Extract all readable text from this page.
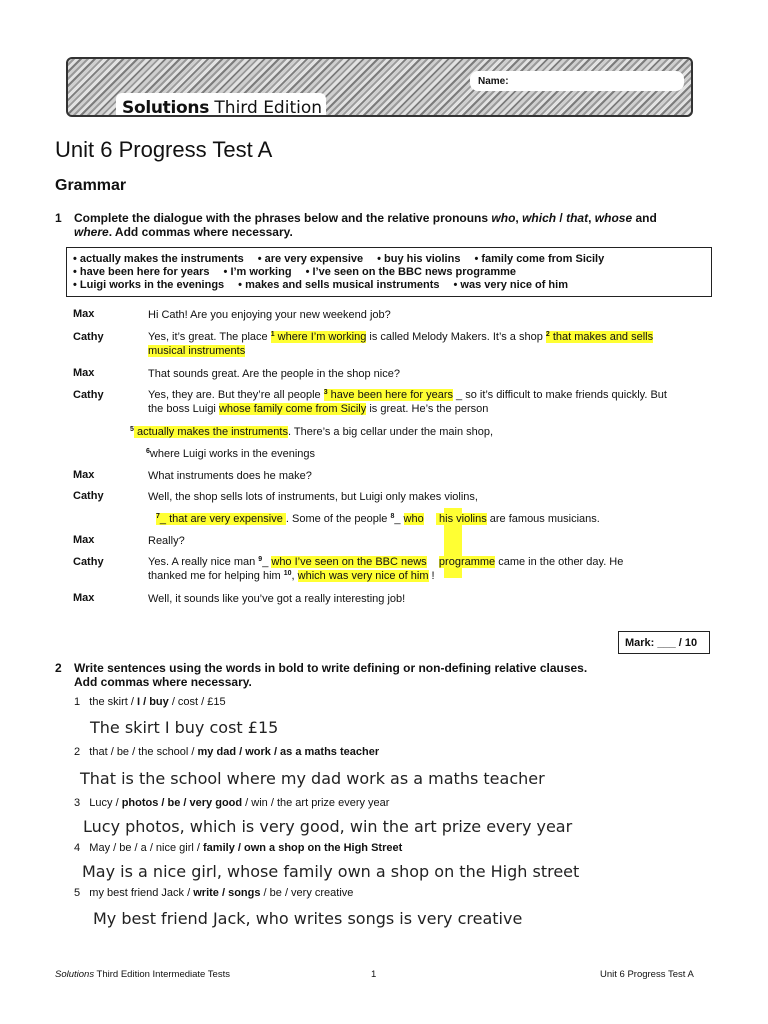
Name:
Solutions Third Edition
Unit 6 Progress Test A
Grammar
1 Complete the dialogue with the phrases below and the relative pronouns who, which / that, whose and
where. Add commas where necessary.
• actually makes the instruments • are very expensive • buy his violins • family come from Sicily
• have been here for years • I’m working • I’ve seen on the BBC news programme
• Luigi works in the evenings • makes and sells musical instruments • was very nice of him
Max	Hi Cath! Are you enjoying your new weekend job?
Cathy	Yes, it’s great. The place $^1$ where I’m working is called Melody Makers. It’s a shop $^2$ that makes and sells
musical instruments
Max	That sounds great. Are the people in the shop nice?
Cathy	Yes, they are. But they’re all people $^3$ have been here for years _ so it’s difficult to make friends quickly. But
the boss Luigi whose family come from Sicily is great. He’s the person
$^5$ actually makes the instruments. There’s a big cellar under the main shop,
$^6$where Luigi works in the evenings
Max	What instruments does he make?
Cathy	Well, the shop sells lots of instruments, but Luigi only makes violins,
$^7$_ that are very expensive . Some of the people $^8$_ who     his violins are famous musicians.
Max	Really?
Cathy	Yes. A really nice man $^9$_ who I’ve seen on the BBC news programme came in the other day. He
thanked me for helping him $^{10}$, which was very nice of him !
Max	Well, it sounds like you’ve got a really interesting job!
Mark: ___ / 10
2 Write sentences using the words in bold to write defining or non-defining relative clauses.
Add commas where necessary.
1 the skirt / I / buy / cost / £15
The skirt I buy cost £15
2 that / be / the school / my dad / work / as a maths teacher
That is the school where my dad work as a maths teacher
3 Lucy / photos / be / very good / win / the art prize every year
Lucy photos, which is very good, win the art prize every year
4 May / be / a / nice girl / family / own a shop on the High Street
May is a nice girl, whose family own a shop on the High street
5 my best friend Jack / write / songs / be / very creative
My best friend Jack, who writes songs is very creative
Solutions Third Edition Intermediate Tests	1	Unit 6 Progress Test A
